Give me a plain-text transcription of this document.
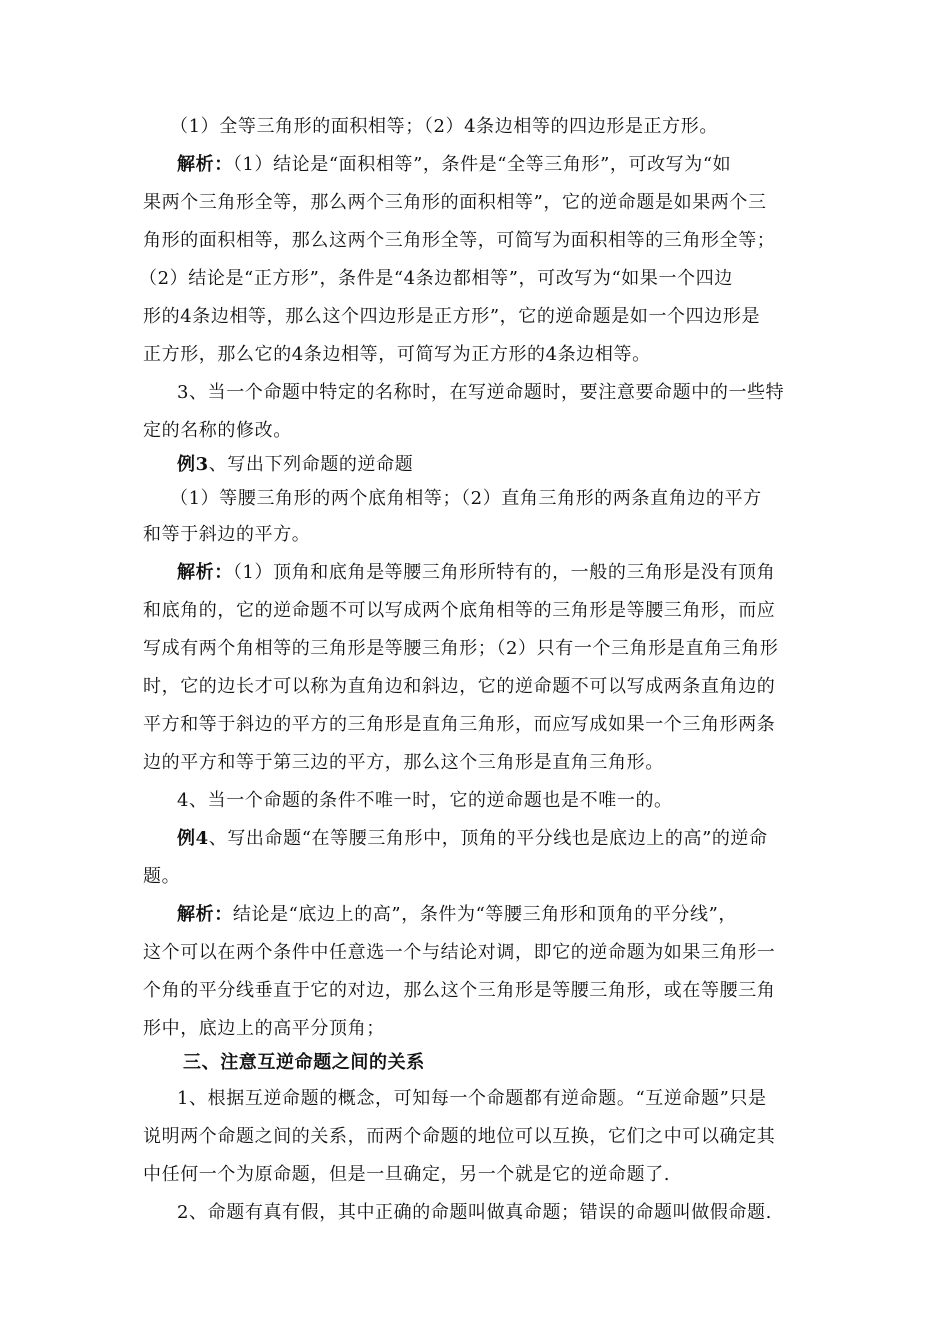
（1）全等三角形的面积相等；（2）4条边相等的四边形是正方形。
解析：（1）结论是“面积相等”，条件是“全等三角形”，可改写为“如
果两个三角形全等，那么两个三角形的面积相等”，它的逆命题是如果两个三
角形的面积相等，那么这两个三角形全等，可简写为面积相等的三角形全等；
（2）结论是“正方形”，条件是“4条边都相等”，可改写为“如果一个四边
形的4条边相等，那么这个四边形是正方形”，它的逆命题是如一个四边形是
正方形，那么它的4条边相等，可简写为正方形的4条边相等。
3、当一个命题中特定的名称时，在写逆命题时，要注意要命题中的一些特
定的名称的修改。
例3、写出下列命题的逆命题
（1）等腰三角形的两个底角相等；（2）直角三角形的两条直角边的平方
和等于斜边的平方。
解析：（1）顶角和底角是等腰三角形所特有的，一般的三角形是没有顶角
和底角的，它的逆命题不可以写成两个底角相等的三角形是等腰三角形，而应
写成有两个角相等的三角形是等腰三角形；（2）只有一个三角形是直角三角形
时，它的边长才可以称为直角边和斜边，它的逆命题不可以写成两条直角边的
平方和等于斜边的平方的三角形是直角三角形，而应写成如果一个三角形两条
边的平方和等于第三边的平方，那么这个三角形是直角三角形。
4、当一个命题的条件不唯一时，它的逆命题也是不唯一的。
例4、写出命题“在等腰三角形中，顶角的平分线也是底边上的高”的逆命
题。
解析：结论是“底边上的高”，条件为“等腰三角形和顶角的平分线”，
这个可以在两个条件中任意选一个与结论对调，即它的逆命题为如果三角形一
个角的平分线垂直于它的对边，那么这个三角形是等腰三角形，或在等腰三角
形中，底边上的高平分顶角；
三、注意互逆命题之间的关系
1、根据互逆命题的概念，可知每一个命题都有逆命题。“互逆命题”只是
说明两个命题之间的关系，而两个命题的地位可以互换，它们之中可以确定其
中任何一个为原命题，但是一旦确定，另一个就是它的逆命题了.
2、命题有真有假，其中正确的命题叫做真命题；错误的命题叫做假命题.
